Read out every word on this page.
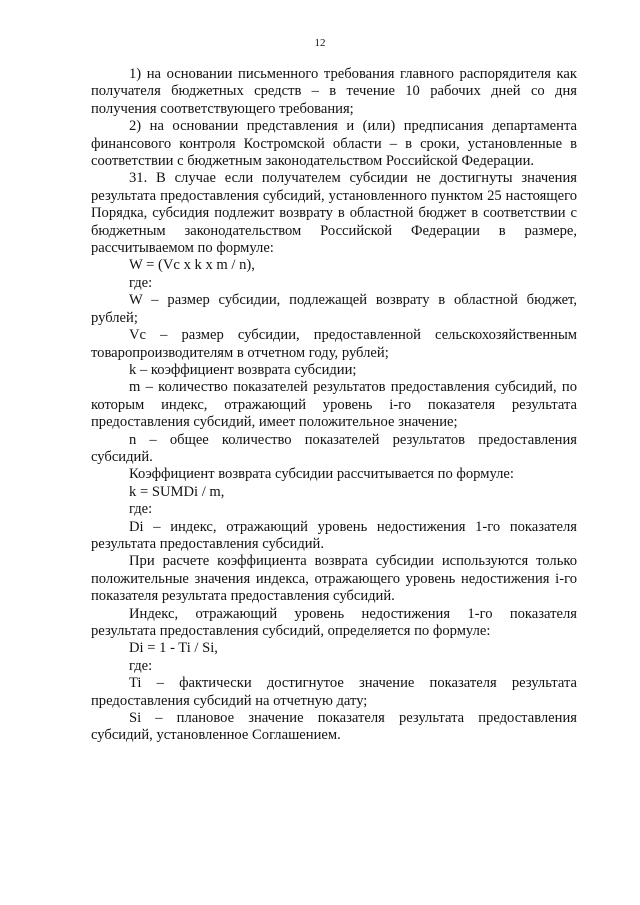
12

1) на основании письменного требования главного распорядителя как получателя бюджетных средств – в течение 10 рабочих дней со дня получения соответствующего требования;

2) на основании представления и (или) предписания департамента финансового контроля Костромской области – в сроки, установленные в соответствии с бюджетным законодательством Российской Федерации.

31. В случае если получателем субсидии не достигнуты значения результата предоставления субсидий, установленного пунктом 25 настоящего Порядка, субсидия подлежит возврату в областной бюджет в соответствии с бюджетным законодательством Российской Федерации в размере, рассчитываемом по формуле:

W = (Vc x k x m / n),

где:

W – размер субсидии, подлежащей возврату в областной бюджет, рублей;

Vc – размер субсидии, предоставленной сельскохозяйственным товаропроизводителям в отчетном году, рублей;

k – коэффициент возврата субсидии;

m – количество показателей результатов предоставления субсидий, по которым индекс, отражающий уровень i-го показателя результата предоставления субсидий, имеет положительное значение;

n – общее количество показателей результатов предоставления субсидий.

Коэффициент возврата субсидии рассчитывается по формуле:

k = SUMDi / m,

где:

Di – индекс, отражающий уровень недостижения 1-го показателя результата предоставления субсидий.

При расчете коэффициента возврата субсидии используются только положительные значения индекса, отражающего уровень недостижения i-го показателя результата предоставления субсидий.

Индекс, отражающий уровень недостижения 1-го показателя результата предоставления субсидий, определяется по формуле:

Di = 1 - Ti / Si,

где:

Ti – фактически достигнутое значение показателя результата предоставления субсидий на отчетную дату;

Si – плановое значение показателя результата предоставления субсидий, установленное Соглашением.
